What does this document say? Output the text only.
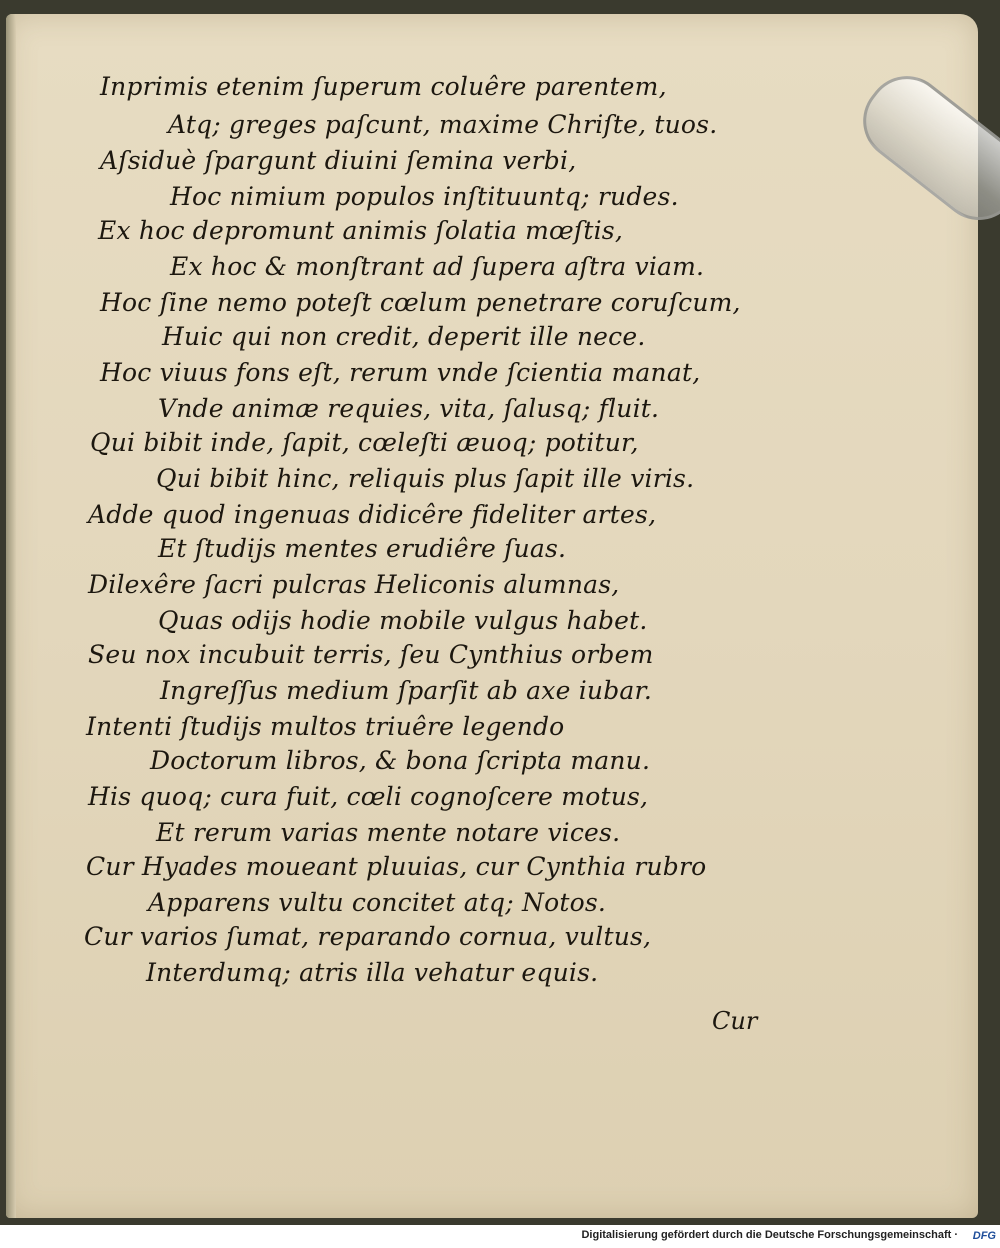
Inprimis etenim ſuperum coluêre parentem,
Atq; greges paſcunt, maxime Chriſte, tuos.
Aſsiduè ſpargunt diuini ſemina verbi,
Hoc nimium populos inſtituuntq; rudes.
Ex hoc depromunt animis ſolatia mœſtis,
Ex hoc & monſtrant ad ſupera aſtra viam.
Hoc ſine nemo poteſt cœlum penetrare coruſcum,
Huic qui non credit, deperit ille nece.
Hoc viuus fons eſt, rerum vnde ſcientia manat,
Vnde animæ requies, vita, ſalusq; fluit.
Qui bibit inde, ſapit, cœleſti æuoq; potitur,
Qui bibit hinc, reliquis plus ſapit ille viris.
Adde quod ingenuas didicêre fideliter artes,
Et ſtudijs mentes erudiêre ſuas.
Dilexêre ſacri pulcras Heliconis alumnas,
Quas odijs hodie mobile vulgus habet.
Seu nox incubuit terris, ſeu Cynthius orbem
Ingreſſus medium ſparſit ab axe iubar.
Intenti ſtudijs multos triuêre legendo
Doctorum libros, & bona ſcripta manu.
His quoq; cura fuit, cœli cognoſcere motus,
Et rerum varias mente notare vices.
Cur Hyades moueant pluuias, cur Cynthia rubro
Apparens vultu concitet atq; Notos.
Cur varios ſumat, reparando cornua, vultus,
Interdumq; atris illa vehatur equis.
Cur
Digitalisierung gefördert durch die Deutsche Forschungsgemeinschaft · DFG
